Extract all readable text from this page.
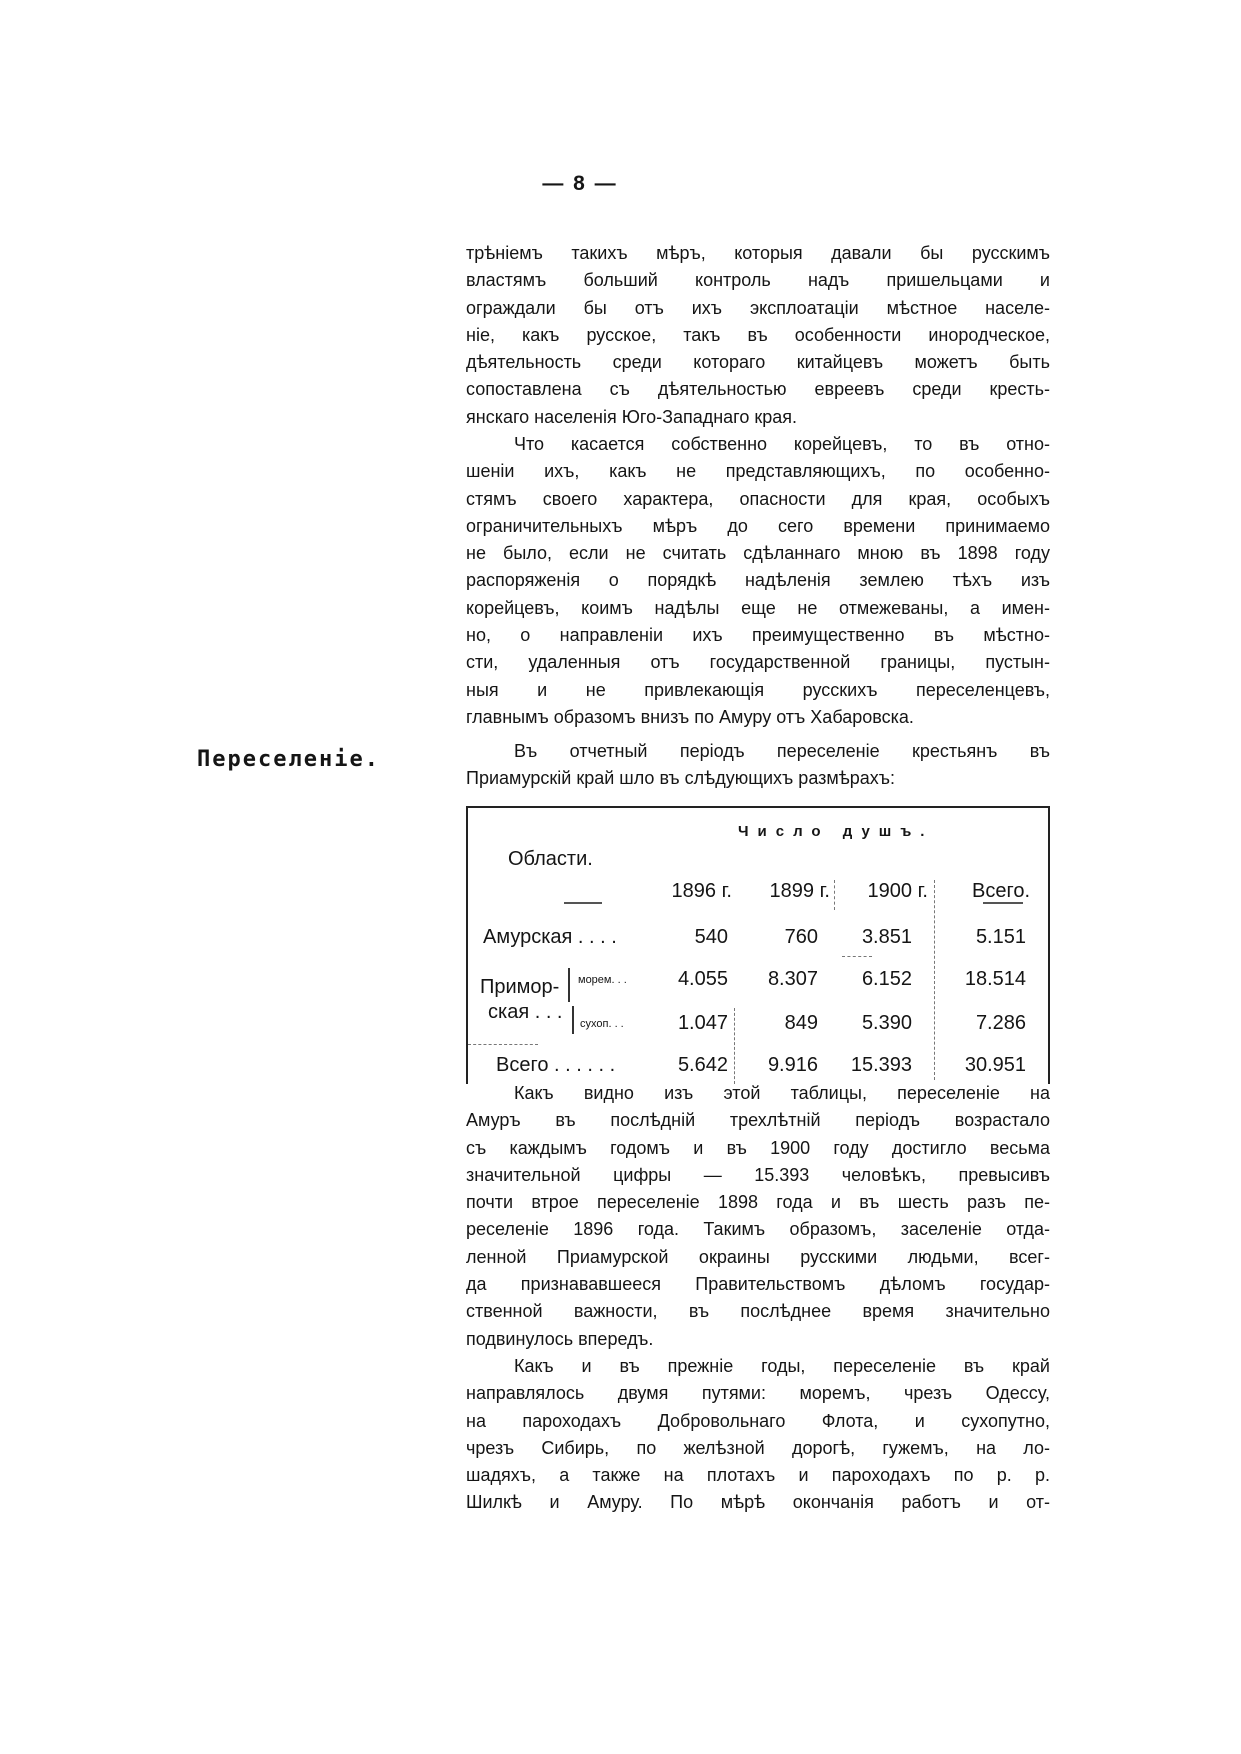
— 8 —

трѣніемъ такихъ мѣръ, которыя давали бы русскимъ
властямъ больший контроль надъ пришельцами и
ограждали бы отъ ихъ эксплоатаціи мѣстное населе-
ніе, какъ русское, такъ въ особенности инородческое,
дѣятельность среди котораго китайцевъ можетъ быть
сопоставлена съ дѣятельностью евреевъ среди кресть-
янскаго населенія Юго-Западнаго края.

Что касается собственно корейцевъ, то въ отно-
шеніи ихъ, какъ не представляющихъ, по особенно-
стямъ своего характера, опасности для края, особыхъ
ограничительныхъ мѣръ до сего времени принимаемо
не было, если не считать сдѣланнаго мною въ 1898 году
распоряженія о порядкѣ надѣленія землею тѣхъ изъ
корейцевъ, коимъ надѣлы еще не отмежеваны, а имен-
но, о направленіи ихъ преимущественно въ мѣстно-
сти, удаленныя отъ государственной границы, пустын-
ныя и не привлекающія русскихъ переселенцевъ,
главнымъ образомъ внизъ по Амуру отъ Хабаровска.

Переселеніе.	Въ отчетный періодъ переселеніе крестьянъ въ
Приамурскій край шло въ слѣдующихъ размѣрахъ:

Число душъ.
Области.
1896 г.	1899 г.	1900 г.	Всего.
Амурская . . . .	540	760	3.851	5.151
Примор-
ская . . .
морем. . .	4.055	8.307	6.152	18.514
сухоп. . .	1.047	849	5.390	7.286
Всего . . . . . .	5.642	9.916	15.393	30.951

Какъ видно изъ этой таблицы, переселеніе на
Амуръ въ послѣдній трехлѣтній періодъ возрастало
съ каждымъ годомъ и въ 1900 году достигло весьма
значительной цифры — 15.393 человѣкъ, превысивъ
почти втрое переселеніе 1898 года и въ шесть разъ пе-
реселеніе 1896 года. Такимъ образомъ, заселеніе отда-
ленной Приамурской окраины русскими людьми, всег-
да признававшееся Правительствомъ дѣломъ государ-
ственной важности, въ послѣднее время значительно
подвинулось впередъ.

Какъ и въ прежніе годы, переселеніе въ край
направлялось двумя путями: моремъ, чрезъ Одессу,
на пароходахъ Добровольнаго Флота, и сухопутно,
чрезъ Сибирь, по желѣзной дорогѣ, гужемъ, на ло-
шадяхъ, а также на плотахъ и пароходахъ по р. р.
Шилкѣ и Амуру. По мѣрѣ окончанія работъ и от-
